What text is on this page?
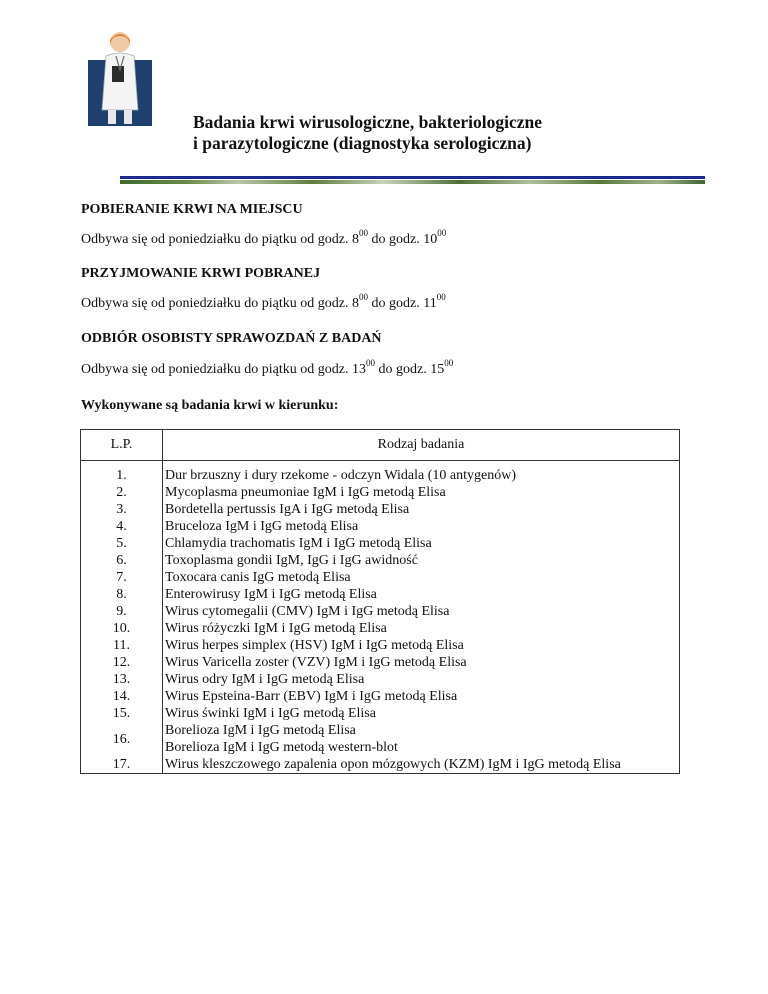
Badania krwi wirusologiczne, bakteriologiczne
i parazytologiczne (diagnostyka serologiczna)
POBIERANIE KRWI NA MIEJSCU
Odbywa się od poniedziałku do piątku od godz. $8^{00}$ do godz. $10^{00}$
PRZYJMOWANIE KRWI POBRANEJ
Odbywa się od poniedziałku do piątku od godz. $8^{00}$ do godz. $11^{00}$
ODBIÓR OSOBISTY SPRAWOZDAŃ Z BADAŃ
Odbywa się od poniedziałku do piątku od godz. $13^{00}$ do godz. $15^{00}$
Wykonywane są badania krwi w kierunku:
L.P.	Rodzaj badania
1.	Dur brzuszny i dury rzekome - odczyn Widala (10 antygenów)
2.	Mycoplasma pneumoniae IgM i IgG metodą Elisa
3.	Bordetella pertussis IgA i IgG metodą Elisa
4.	Bruceloza IgM i IgG metodą Elisa
5.	Chlamydia trachomatis IgM i IgG metodą Elisa
6.	Toxoplasma gondii IgM, IgG i IgG awidność
7.	Toxocara canis IgG metodą Elisa
8.	Enterowirusy IgM i IgG metodą Elisa
9.	Wirus cytomegalii (CMV) IgM i IgG metodą Elisa
10.	Wirus różyczki IgM i IgG metodą Elisa
11.	Wirus herpes simplex (HSV) IgM i IgG metodą Elisa
12.	Wirus Varicella zoster (VZV) IgM i IgG metodą Elisa
13.	Wirus odry IgM i IgG metodą Elisa
14.	Wirus Epsteina-Barr (EBV) IgM i IgG metodą Elisa
15.	Wirus świnki IgM i IgG metodą Elisa
16.	Borelioza IgM i IgG metodą Elisa
	Borelioza IgM i IgG metodą western-blot
17.	Wirus kleszczowego zapalenia opon mózgowych (KZM) IgM i IgG metodą Elisa
